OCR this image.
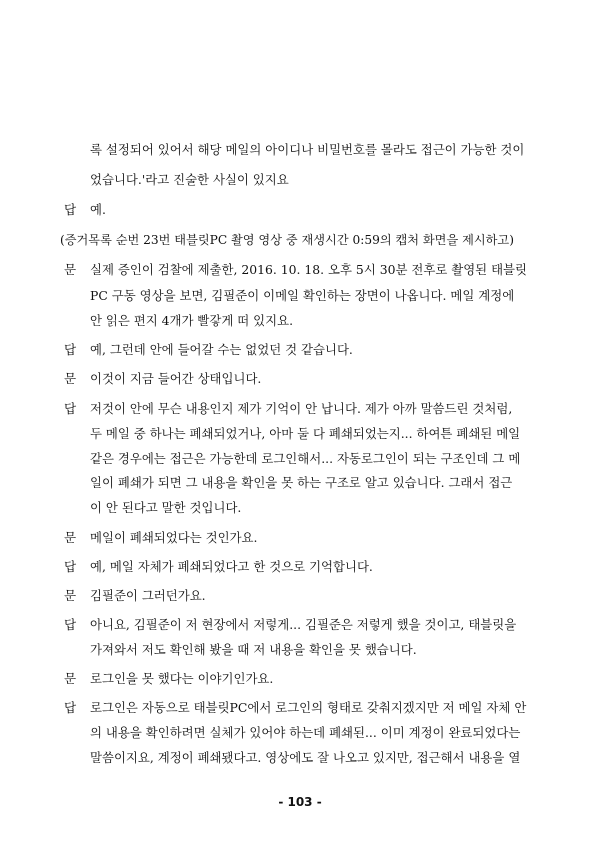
록 설정되어 있어서 해당 메일의 아이디나 비밀번호를 몰라도 접근이 가능한 것이
었습니다.'라고 진술한 사실이 있지요
답 예.
(증거목록 순번 23번 태블릿PC 촬영 영상 중 재생시간 0:59의 캡처 화면을 제시하고)
문 실제 증인이 검찰에 제출한, 2016. 10. 18. 오후 5시 30분 전후로 촬영된 태블릿
PC 구동 영상을 보면, 김필준이 이메일 확인하는 장면이 나옵니다. 메일 계정에
안 읽은 편지 4개가 빨갛게 떠 있지요.
답 예, 그런데 안에 들어갈 수는 없었던 것 같습니다.
문 이것이 지금 들어간 상태입니다.
답 저것이 안에 무슨 내용인지 제가 기억이 안 납니다. 제가 아까 말씀드린 것처럼,
두 메일 중 하나는 폐쇄되었거나, 아마 둘 다 폐쇄되었는지... 하여튼 폐쇄된 메일
같은 경우에는 접근은 가능한데 로그인해서... 자동로그인이 되는 구조인데 그 메
일이 폐쇄가 되면 그 내용을 확인을 못 하는 구조로 알고 있습니다. 그래서 접근
이 안 된다고 말한 것입니다.
문 메일이 폐쇄되었다는 것인가요.
답 예, 메일 자체가 폐쇄되었다고 한 것으로 기억합니다.
문 김필준이 그러던가요.
답 아니요, 김필준이 저 현장에서 저렇게... 김필준은 저렇게 했을 것이고, 태블릿을
가져와서 저도 확인해 봤을 때 저 내용을 확인을 못 했습니다.
문 로그인을 못 했다는 이야기인가요.
답 로그인은 자동으로 태블릿PC에서 로그인의 형태로 갖춰지겠지만 저 메일 자체 안
의 내용을 확인하려면 실체가 있어야 하는데 폐쇄된... 이미 계정이 완료되었다는
말씀이지요, 계정이 폐쇄됐다고. 영상에도 잘 나오고 있지만, 접근해서 내용을 열
- 103 -
